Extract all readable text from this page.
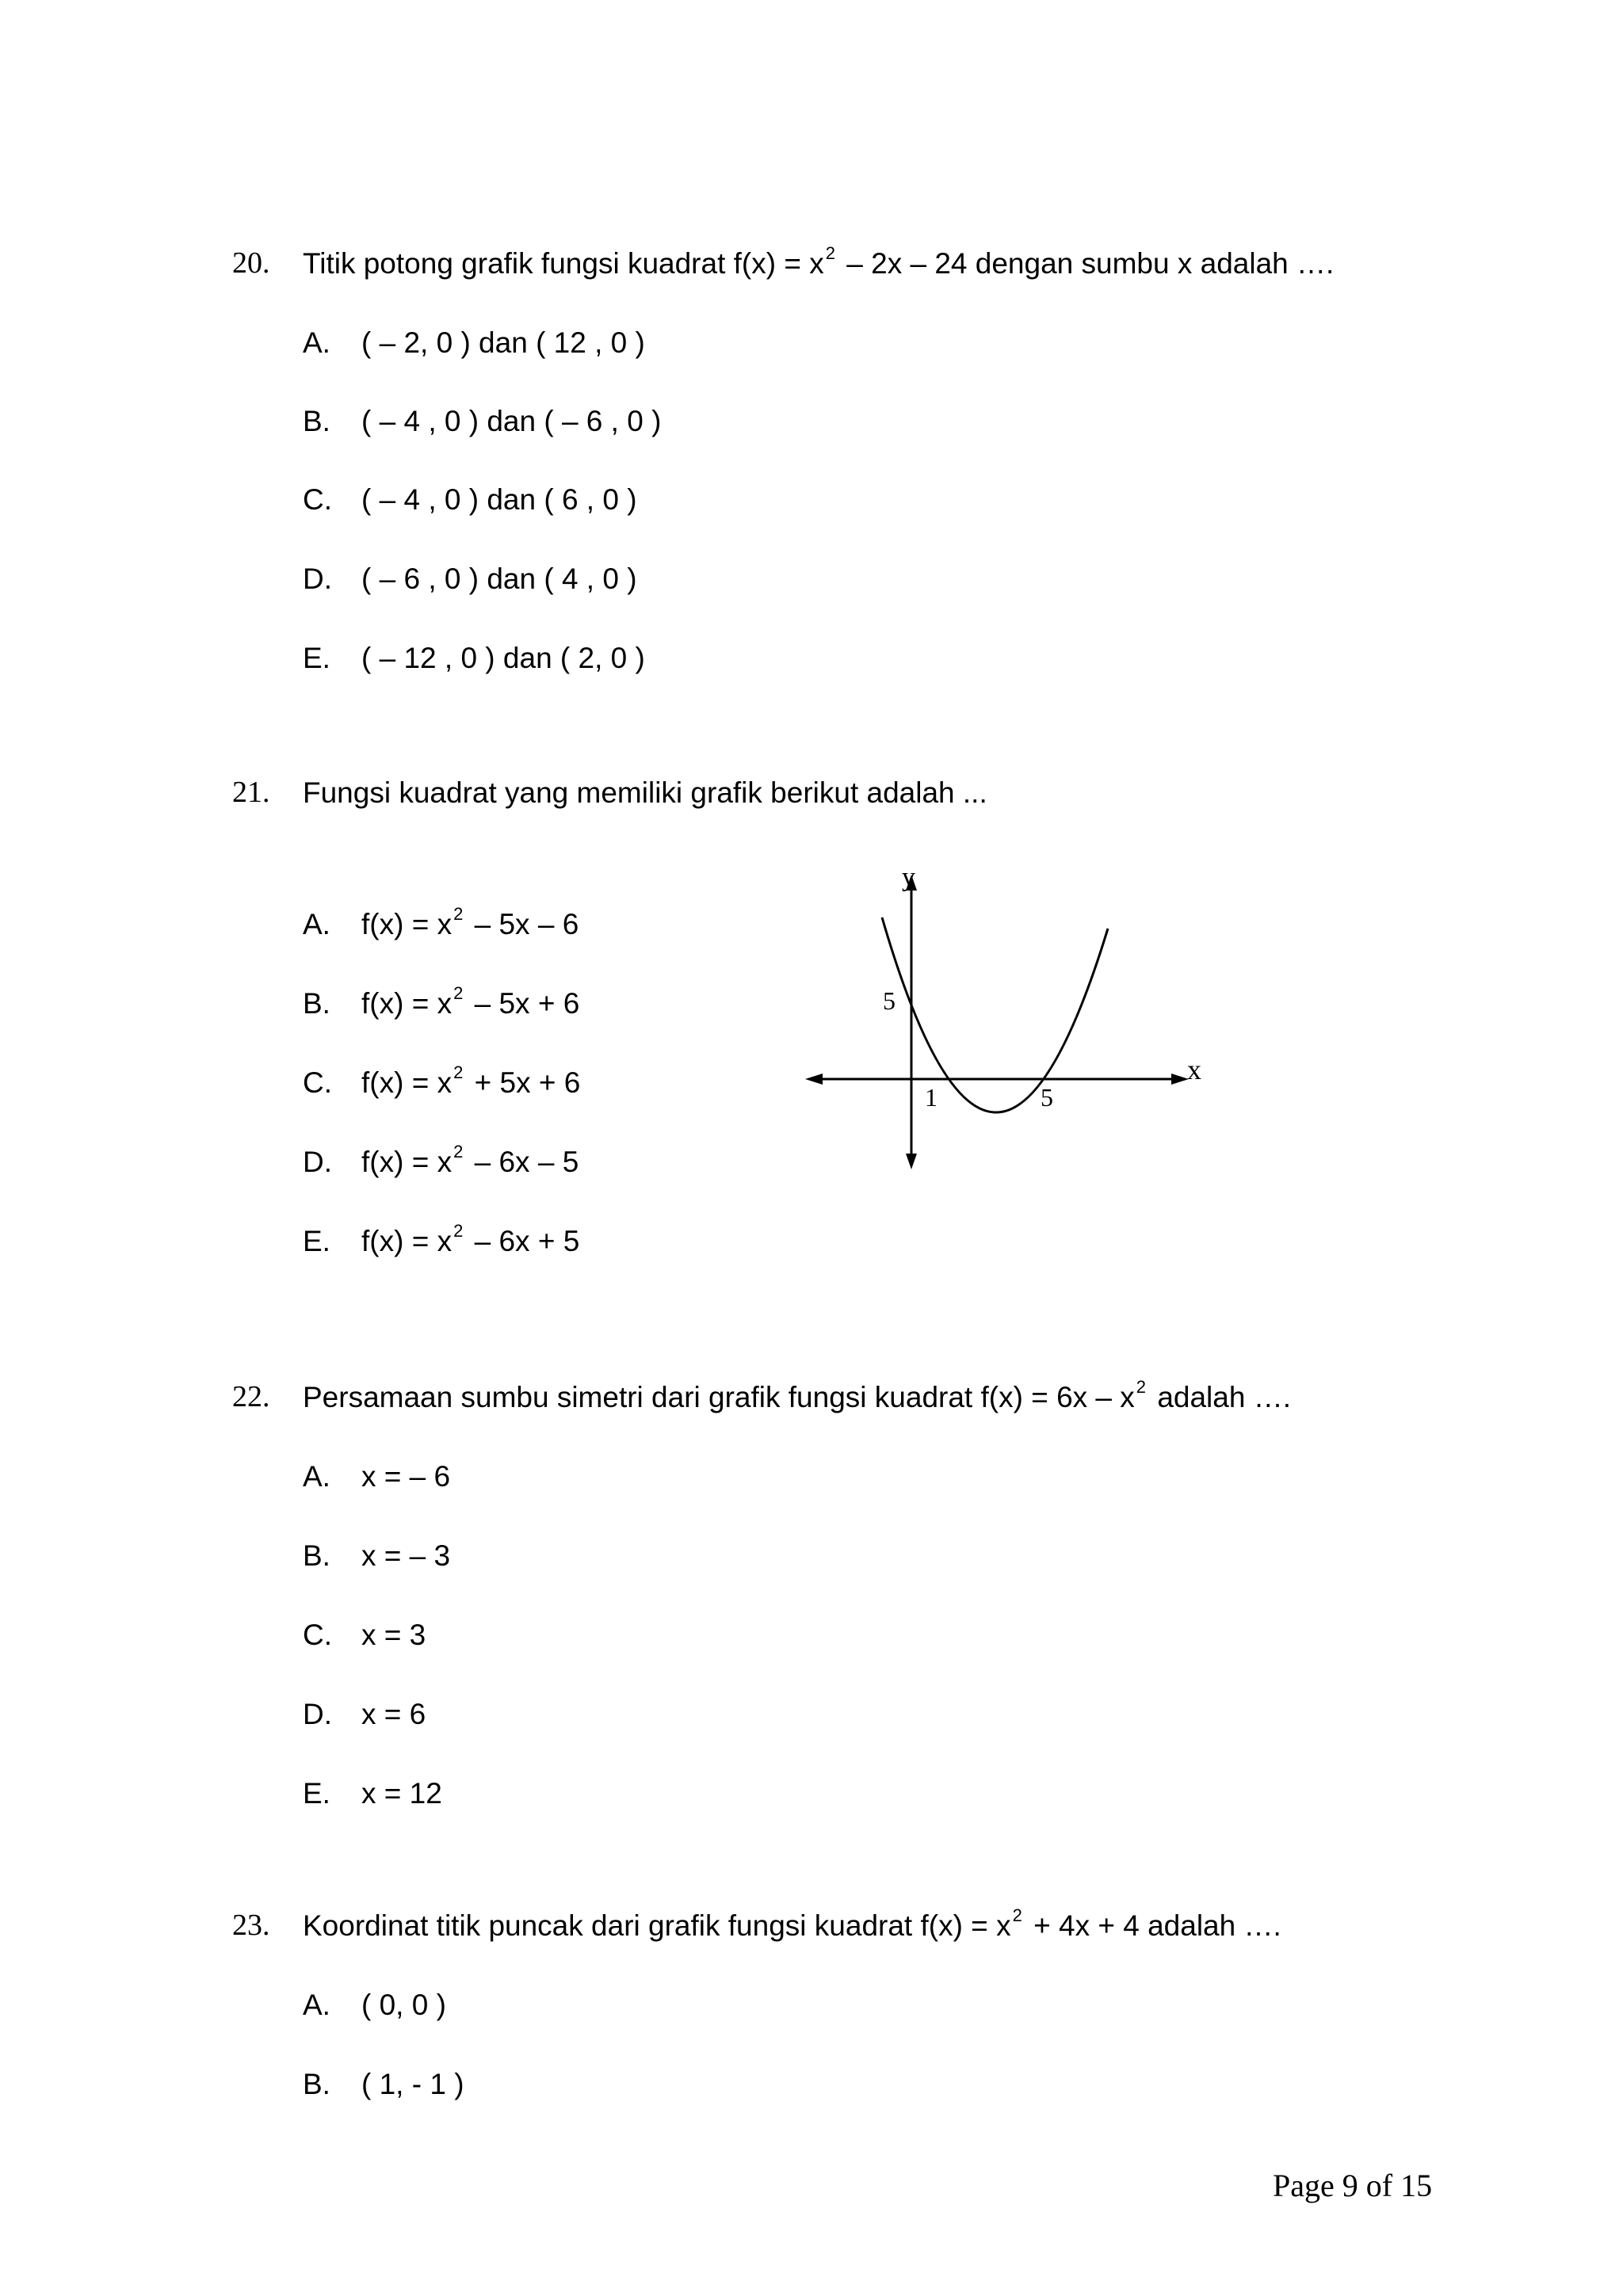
20. Titik potong grafik fungsi kuadrat $f(x) = x^2 - 2x - 24$ dengan sumbu x adalah ….
A. ( – 2, 0 ) dan ( 12 , 0 )
B. ( – 4 , 0 ) dan ( – 6 , 0 )
C. ( – 4 , 0 ) dan ( 6 , 0 )
D. ( – 6 , 0 ) dan ( 4 , 0 )
E. ( – 12 , 0 ) dan ( 2, 0 )
21. Fungsi kuadrat yang memiliki grafik berikut adalah ...
A. $f(x) = x^2 - 5x - 6$
B. $f(x) = x^2 - 5x + 6$
C. $f(x) = x^2 + 5x + 6$
D. $f(x) = x^2 - 6x - 5$
E. $f(x) = x^2 - 6x + 5$
y
x
5
1	5
22. Persamaan sumbu simetri dari grafik fungsi kuadrat $f(x) = 6x - x^2$ adalah ….
A. x = – 6
B. x = – 3
C. x = 3
D. x = 6
E. x = 12
23. Koordinat titik puncak dari grafik fungsi kuadrat $f(x) = x^2 + 4x + 4$ adalah ….
A. ( 0, 0 )
B. ( 1, - 1 )
Page 9 of 15
